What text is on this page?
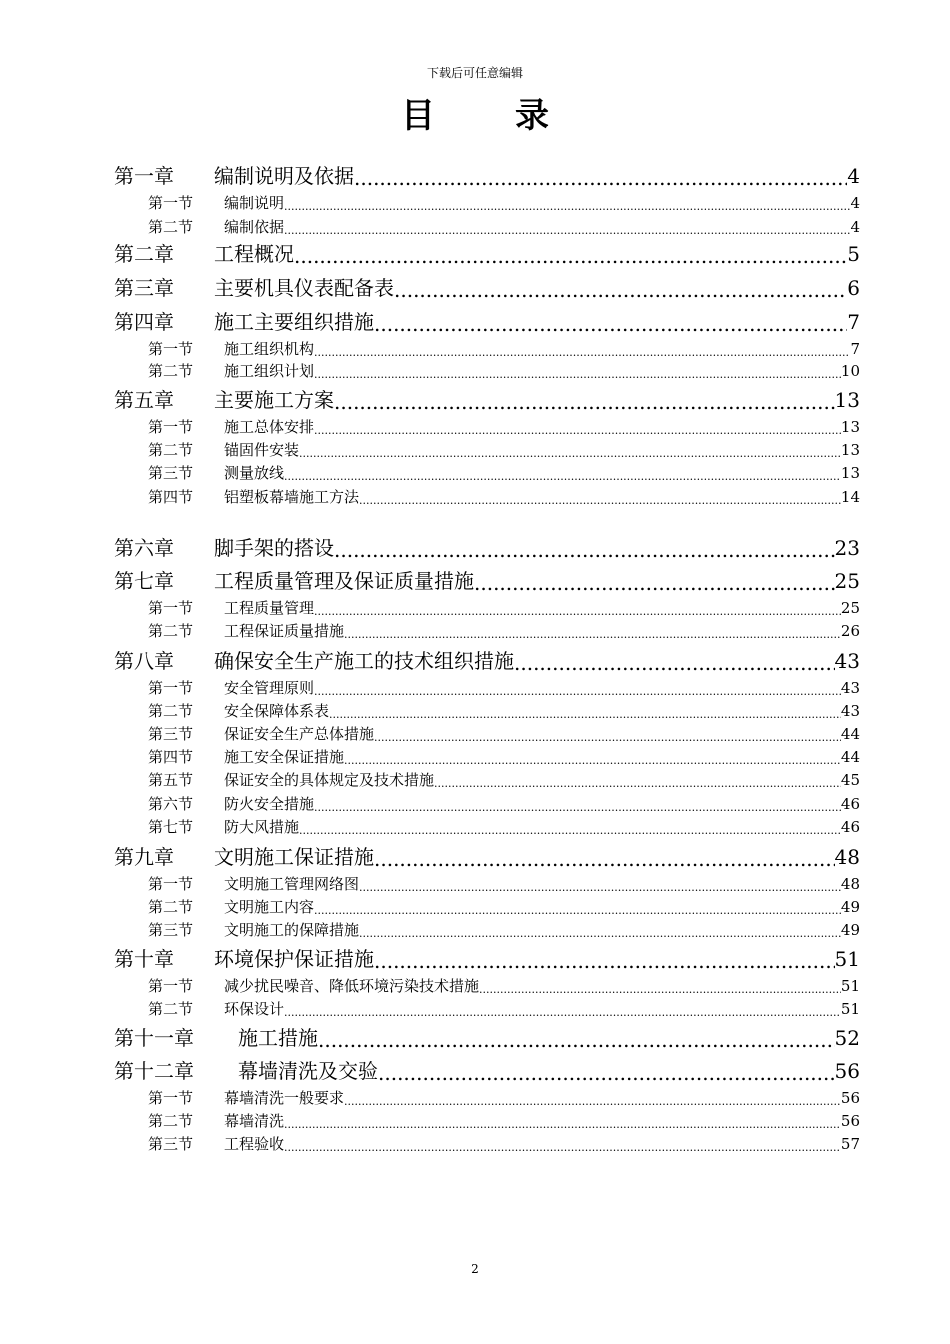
下载后可任意编辑
目录
第一章	编制说明及依据 .....	4
第一节	编制说明 .....	4
第二节	编制依据 .....	4
第二章	工程概况 .....	5
第三章	主要机具仪表配备表 .....	6
第四章	施工主要组织措施 .....	7
第一节	施工组织机构 .....	7
第二节	施工组织计划 .....	10
第五章	主要施工方案 .....	13
第一节	施工总体安排 .....	13
第二节	锚固件安装 .....	13
第三节	测量放线 .....	13
第四节	铝塑板幕墙施工方法 .....	14
第六章	脚手架的搭设 .....	23
第七章	工程质量管理及保证质量措施 .....	25
第一节	工程质量管理 .....	25
第二节	工程保证质量措施 .....	26
第八章	确保安全生产施工的技术组织措施 .....	43
第一节	安全管理原则 .....	43
第二节	安全保障体系表 .....	43
第三节	保证安全生产总体措施 .....	44
第四节	施工安全保证措施 .....	44
第五节	保证安全的具体规定及技术措施 .....	45
第六节	防火安全措施 .....	46
第七节	防大风措施 .....	46
第九章	文明施工保证措施 .....	48
第一节	文明施工管理网络图 .....	48
第二节	文明施工内容 .....	49
第三节	文明施工的保障措施 .....	49
第十章	环境保护保证措施 .....	51
第一节	减少扰民噪音、降低环境污染技术措施 .....	51
第二节	环保设计 .....	51
第十一章	施工措施 .....	52
第十二章	幕墙清洗及交验 .....	56
第一节	幕墙清洗一般要求 .....	56
第二节	幕墙清洗 .....	56
第三节	工程验收 .....	57
2
